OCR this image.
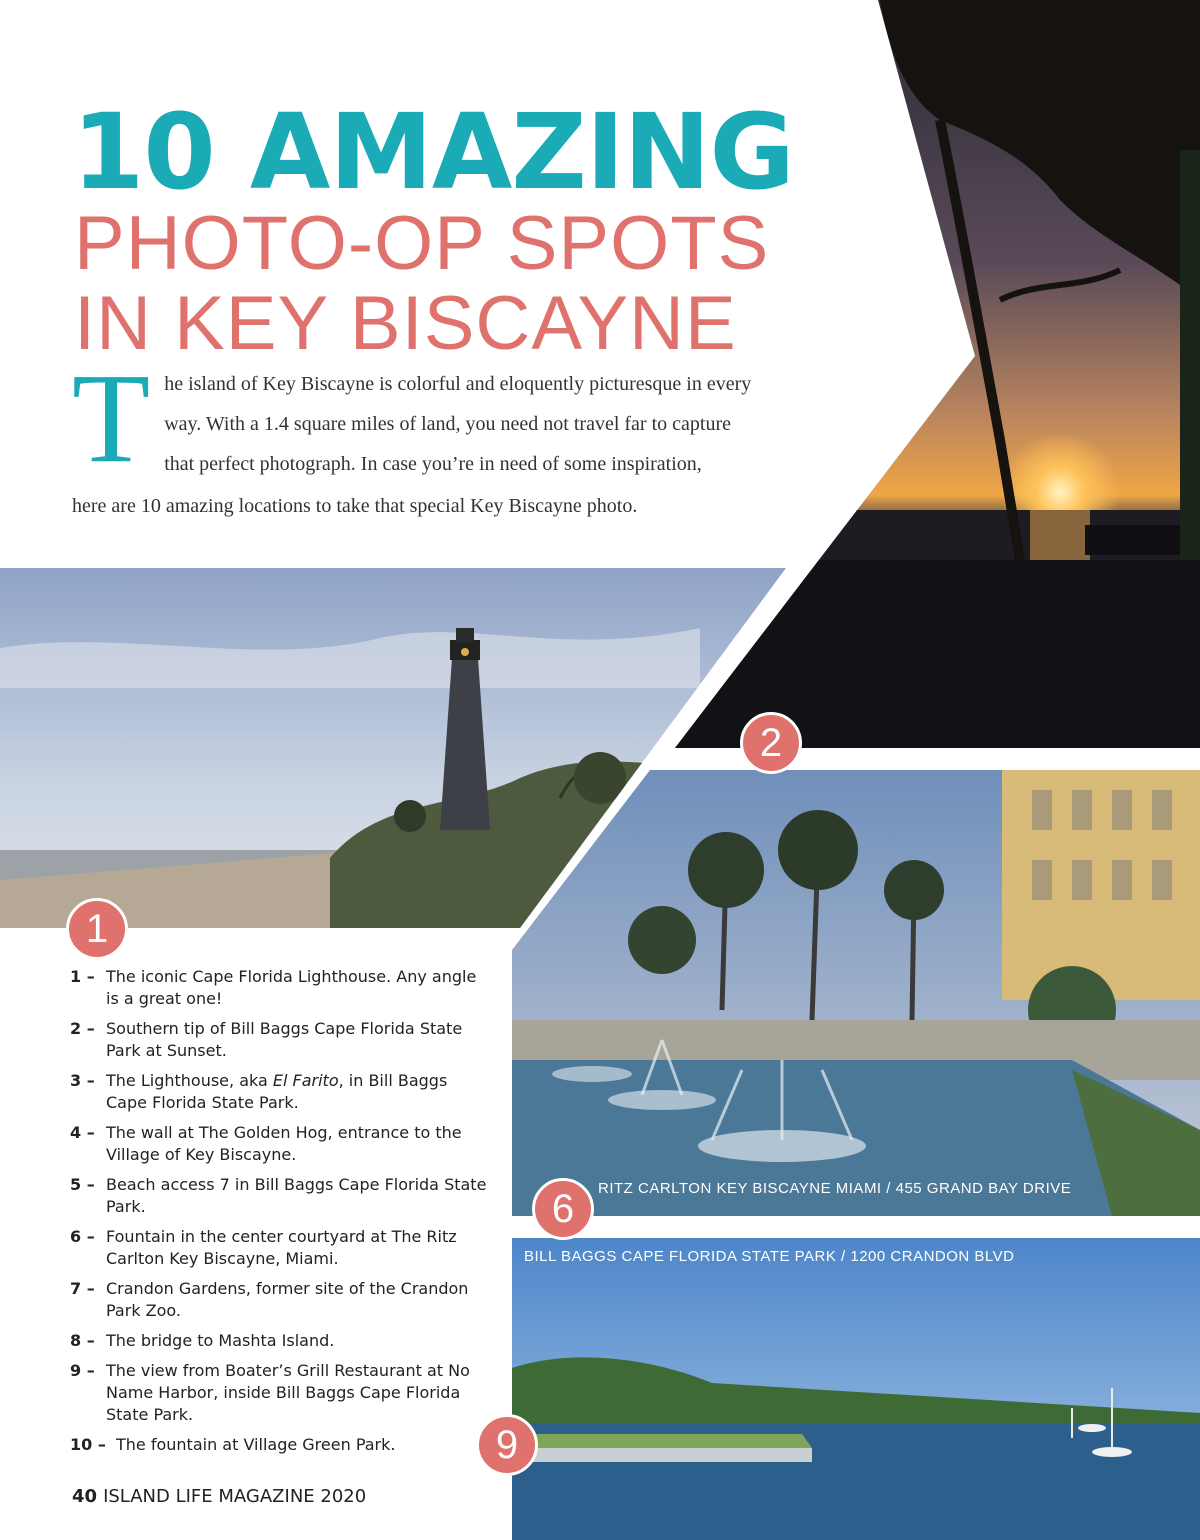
10 AMAZING
PHOTO-OP SPOTS
IN KEY BISCAYNE
T he island of Key Biscayne is colorful and eloquently picturesque in every
way. With a 1.4 square miles of land, you need not travel far to capture
that perfect photograph. In case you’re in need of some inspiration,
here are 10 amazing locations to take that special Key Biscayne photo.
2
1
6
9
RITZ CARLTON KEY BISCAYNE MIAMI / 455 GRAND BAY DRIVE
BILL BAGGS CAPE FLORIDA STATE PARK / 1200 CRANDON BLVD
1 – The iconic Cape Florida Lighthouse. Any angle is a great one!
2 – Southern tip of Bill Baggs Cape Florida State Park at Sunset.
3 – The Lighthouse, aka El Farito, in Bill Baggs Cape Florida State Park.
4 – The wall at The Golden Hog, entrance to the Village of Key Biscayne.
5 – Beach access 7 in Bill Baggs Cape Florida State Park.
6 – Fountain in the center courtyard at The Ritz Carlton Key Biscayne, Miami.
7 – Crandon Gardens, former site of the Crandon Park Zoo.
8 – The bridge to Mashta Island.
9 – The view from Boater’s Grill Restaurant at No Name Harbor, inside Bill Baggs Cape Florida State Park.
10 – The fountain at Village Green Park.
40 ISLAND LIFE MAGAZINE 2020
